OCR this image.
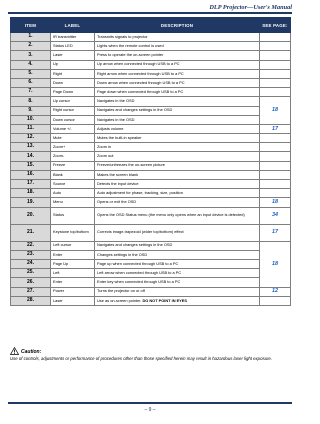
DLP Projector—User's Manual
ITEM	LABEL	DESCRIPTION	SEE PAGE:
1.	IR transmitter	Transmits signals to projector	
2.	Status LED	Lights when the remote control is used	
3.	Laser	Press to operate the on-screen pointer	
4.	Up	Up arrow when connected through USB to a PC	
5.	Right	Right arrow when connected through USB to a PC	
6.	Down	Down arrow when connected through USB to a PC	
7.	Page Down	Page down when connected through USB to a PC	
8.	Up cursor	Navigates in the OSD	18
9.	Right cursor	Navigates and changes settings in the OSD	
10.	Down cursor	Navigates in the OSD	
11.	Volume +/-	Adjusts volume	17
12.	Mute	Mutes the built-in speaker	
13.	Zoom+	Zoom in	
14.	Zoom-	Zoom out	
15.	Freeze	Freeze/unfreezes the on-screen picture	
16.	Blank	Makes the screen blank	
17.	Source	Detects the input device	
18.	Auto	Auto adjustment for phase, tracking, size, position	
19.	Menu	Opens or exit the OSD	18
20.	Status	Opens the OSD Status menu (the menu only opens when an input device is detected)	34
21.	Keystone top/bottom	Corrects image-trapezoid (wider top/bottom) effect	17
22.	Left cursor	Navigates and changes settings in the OSD	18
23.	Enter	Changes settings in the OSD	
24.	Page Up	Page up when connected through USB to a PC	
25.	Left	Left arrow when connected through USB to a PC	
26.	Enter	Enter key when connected through USB to a PC	
27.	Power	Turns the projector on or off	12
28.	Laser	Use as on-screen pointer. DO NOT POINT IN EYES	
Caution:
Use of controls, adjustments or performance of procedures other than those specified herein may result in hazardous laser light exposure.
– 9 –
